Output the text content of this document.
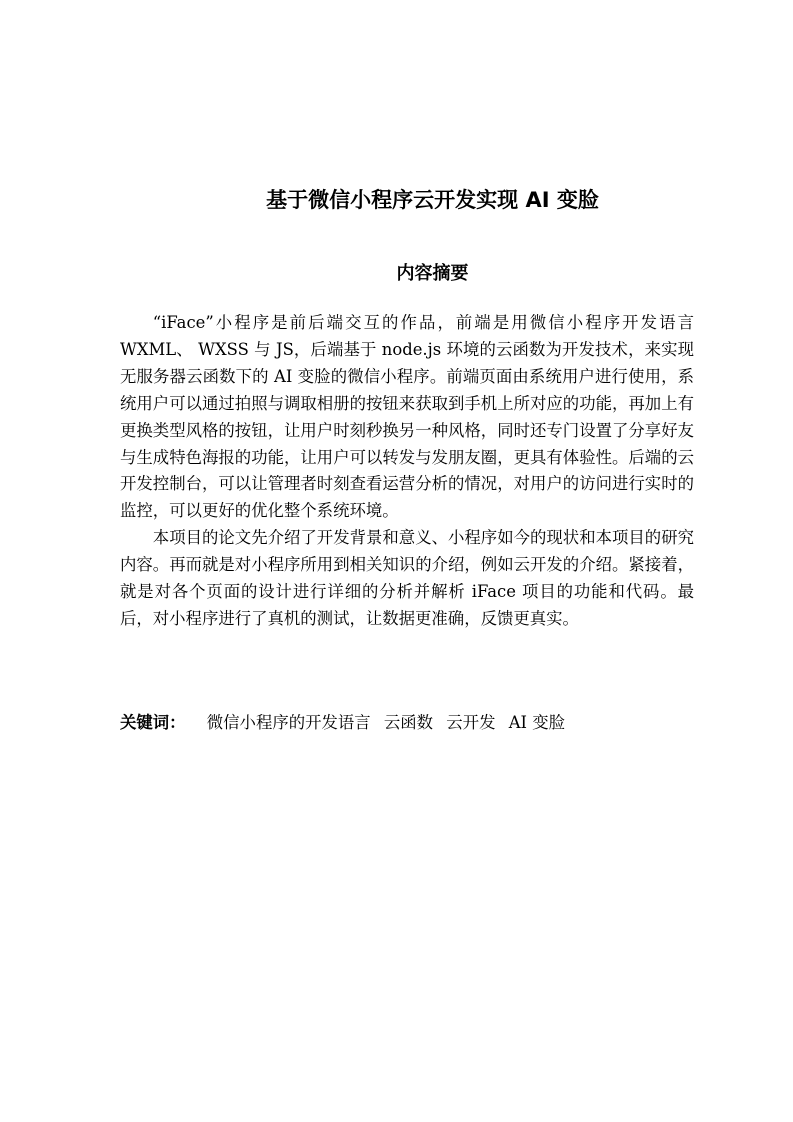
基于微信小程序云开发实现 AI 变脸
内容摘要

“iFace”小程序是前后端交互的作品，前端是用微信小程序开发语言 WXML、 WXSS 与 JS，后端基于 node.js 环境的云函数为开发技术，来实现无服务器云函数下的 AI 变脸的微信小程序。前端页面由系统用户进行使用，系统用户可以通过拍照与调取相册的按钮来获取到手机上所对应的功能，再加上有更换类型风格的按钮，让用户时刻秒换另一种风格，同时还专门设置了分享好友与生成特色海报的功能，让用户可以转发与发朋友圈，更具有体验性。后端的云开发控制台，可以让管理者时刻查看运营分析的情况，对用户的访问进行实时的监控，可以更好的优化整个系统环境。

本项目的论文先介绍了开发背景和意义、小程序如今的现状和本项目的研究内容。再而就是对小程序所用到相关知识的介绍，例如云开发的介绍。紧接着，就是对各个页面的设计进行详细的分析并解析 iFace 项目的功能和代码。最后，对小程序进行了真机的测试，让数据更准确，反馈更真实。

关键词： 微信小程序的开发语言 云函数 云开发 AI 变脸
